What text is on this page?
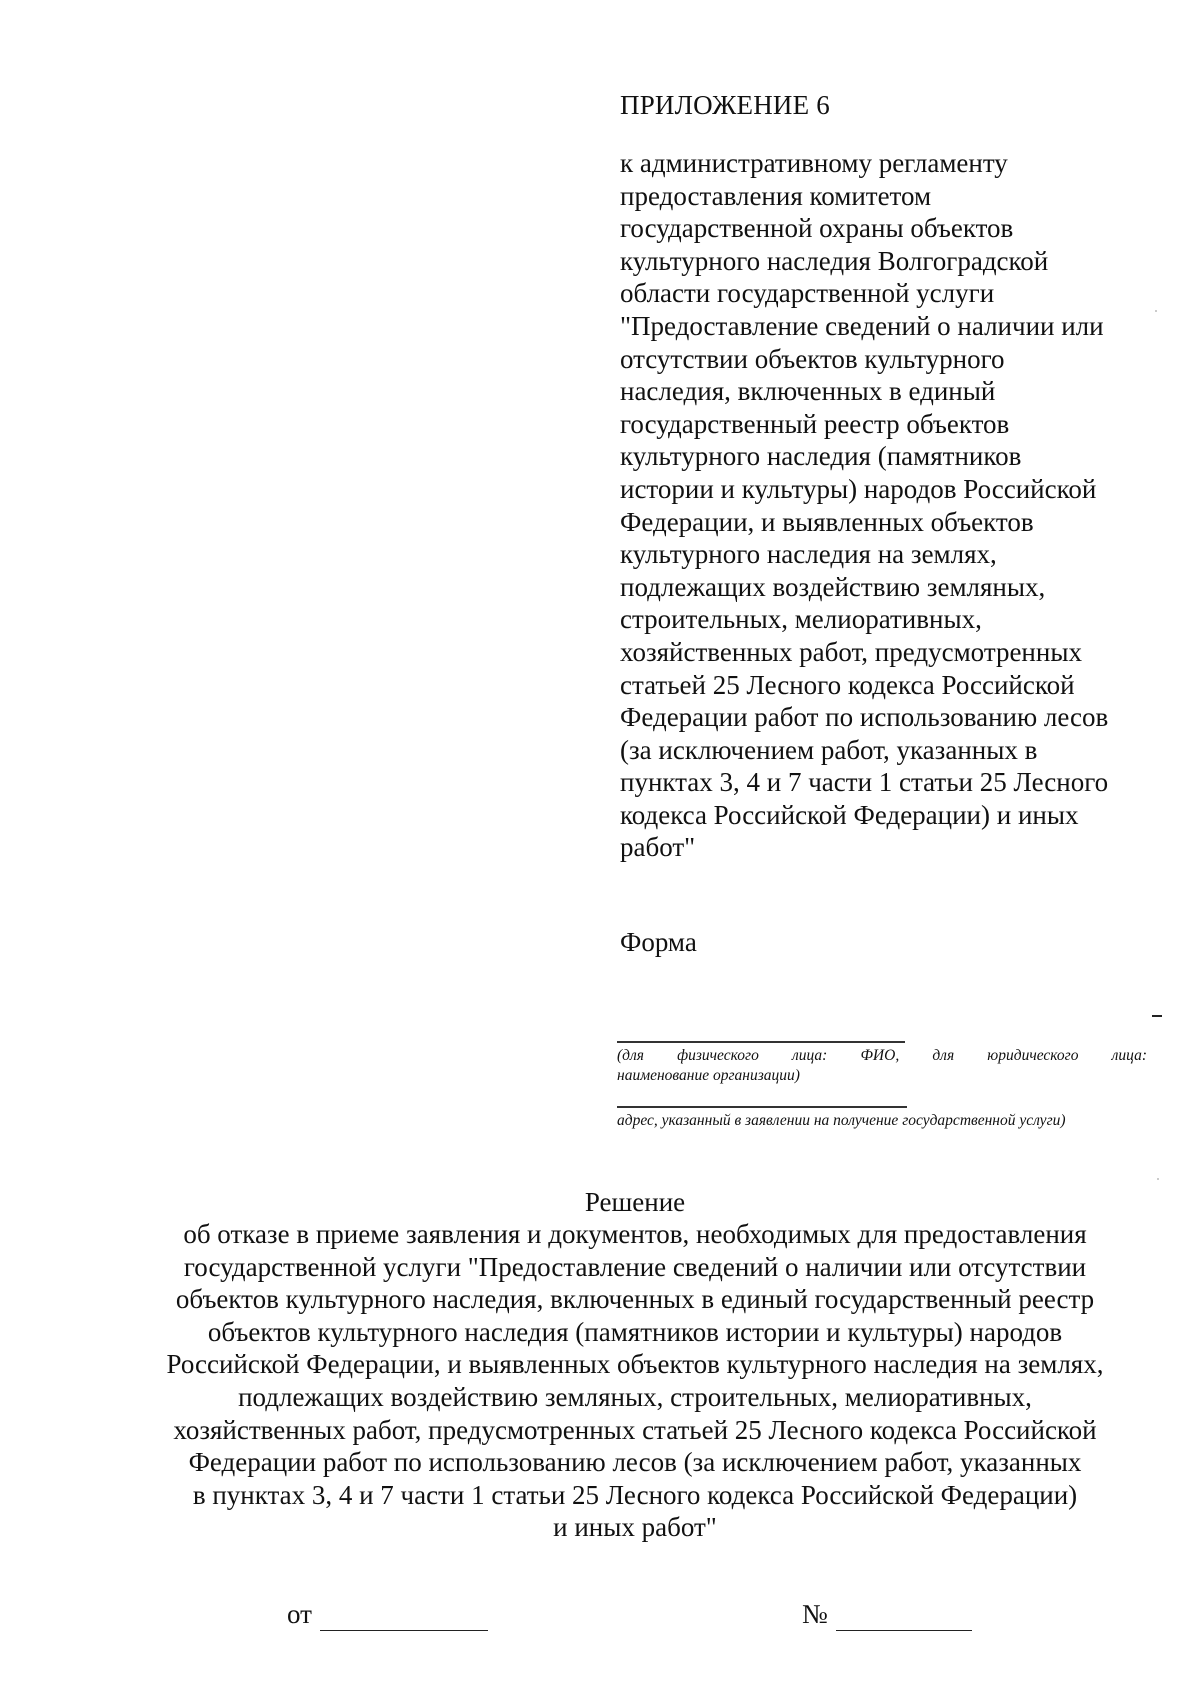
ПРИЛОЖЕНИЕ 6
к административному регламенту
предоставления комитетом
государственной охраны объектов
культурного наследия Волгоградской
области государственной услуги
"Предоставление сведений о наличии или
отсутствии объектов культурного
наследия, включенных в единый
государственный реестр объектов
культурного наследия (памятников
истории и культуры) народов Российской
Федерации, и выявленных объектов
культурного наследия на землях,
подлежащих воздействию земляных,
строительных, мелиоративных,
хозяйственных работ, предусмотренных
статьей 25 Лесного кодекса Российской
Федерации работ по использованию лесов
(за исключением работ, указанных в
пунктах 3, 4 и 7 части 1 статьи 25 Лесного
кодекса Российской Федерации) и иных
работ"
Форма
(для физического лица: ФИО, для юридического лица:
наименование организации)
адрес, указанный в заявлении на получение государственной услуги)
Решение
об отказе в приеме заявления и документов, необходимых для предоставления
государственной услуги "Предоставление сведений о наличии или отсутствии
объектов культурного наследия, включенных в единый государственный реестр
объектов культурного наследия (памятников истории и культуры) народов
Российской Федерации, и выявленных объектов культурного наследия на землях,
подлежащих воздействию земляных, строительных, мелиоративных,
хозяйственных работ, предусмотренных статьей 25 Лесного кодекса Российской
Федерации работ по использованию лесов (за исключением работ, указанных
в пунктах 3, 4 и 7 части 1 статьи 25 Лесного кодекса Российской Федерации)
и иных работ"
от	№
